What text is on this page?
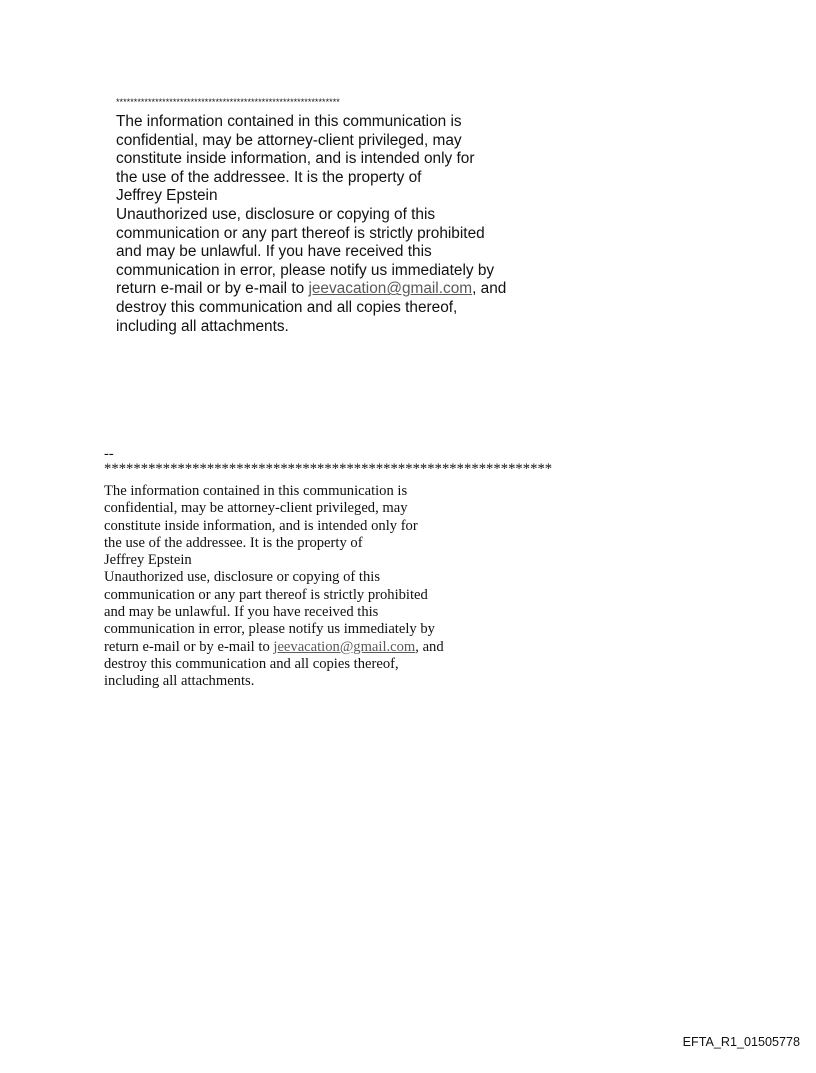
***************************************************************
The information contained in this communication is
confidential, may be attorney-client privileged, may
constitute inside information, and is intended only for
the use of the addressee. It is the property of
Jeffrey Epstein
Unauthorized use, disclosure or copying of this
communication or any part thereof is strictly prohibited
and may be unlawful. If you have received this
communication in error, please notify us immediately by
return e-mail or by e-mail to jeevacation@gmail.com, and
destroy this communication and all copies thereof,
including all attachments.
--
*************************************************************
The information contained in this communication is
confidential, may be attorney-client privileged, may
constitute inside information, and is intended only for
the use of the addressee. It is the property of
Jeffrey Epstein
Unauthorized use, disclosure or copying of this
communication or any part thereof is strictly prohibited
and may be unlawful. If you have received this
communication in error, please notify us immediately by
return e-mail or by e-mail to jeevacation@gmail.com, and
destroy this communication and all copies thereof,
including all attachments.
EFTA_R1_01505778
